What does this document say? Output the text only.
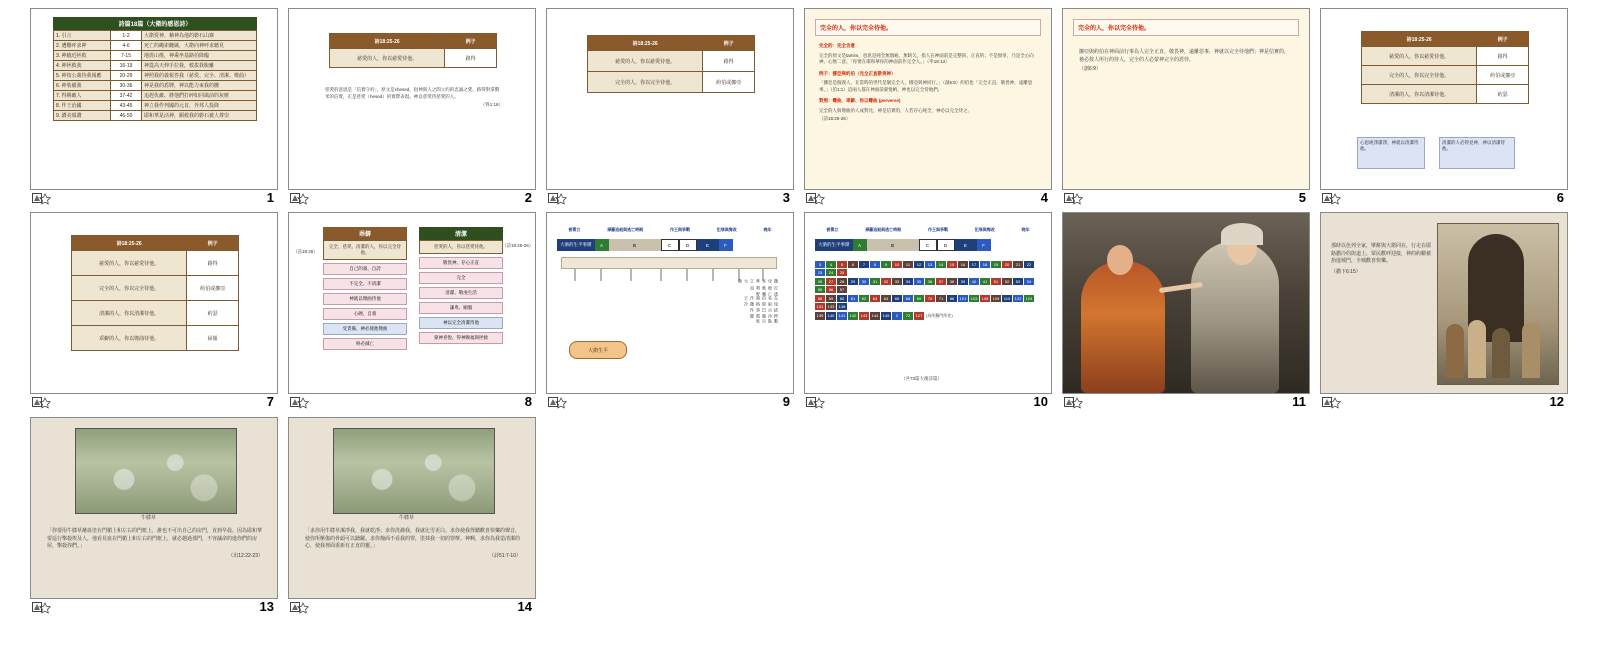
詩篇18篇（大衛的感恩詩）
1. 引言	1-2	大衛愛神、稱神為他的磐石山寨
2. 遭難呼求神	4-6	死亡的繩索纏繞，大衛向神呼求聽見
3. 神臨近拯救	7-15	地震山搖，神乘坐基路伯降臨
4. 神拯救我	16-19	神從高天伸手拉我，救拔我脫離
5. 神按公義待我報應	20-29	神照我的義報答我（慈愛、完全、清潔、彎曲）
6. 神裝備我	30-36	神是我的盾牌，神以能力束我的腰
7. 得勝敵人	37-42	追趕仇敵、將他們打碎如同風前的灰塵
8. 作王治國	43-45	神立我作列國的元首，外邦人投降
9. 讚美頌讚	46-50	耶和華是活神，願救我的磐石被人尊崇
1
詩18:25-26	例子
慈愛的人，你以慈愛待他。	路得
慈愛的意思是「信實守約」，原文是chesed，指神與人之間立約的忠誠之愛。路得對拿俄米的信實，正是慈愛（hesed）的實際表現。神以慈愛待慈愛的人。
（得1:16）
2
詩18:25-26	例子
慈愛的人，你以慈愛待他。	路得
完全的人，你以完全待他。	約伯或挪亞
3
完全的人，你以完全待他。
完全的：完全含意
完全的原文是tamim，意思是純全無瑕疵、無缺欠，指人在神面前是完整的、正直的；不是無罪，乃是全心向神，心無二意。「你要在耶和華你的神面前作完全人。」（申18:13）
例子：挪亞與約伯（完全正直敬畏神）
「挪亞是個義人，在當時的世代是個完全人，挪亞與神同行。」（創6:9）約伯也「完全正直，敬畏神，遠離惡事。」（伯1:1）這兩人都在神面前蒙悅納，神也以完全待他們。
對照：彎曲、乖僻、你以彎曲 (perverse)
完全的人與彎曲的人成對比，神是信實的，人若存心純全，神必以完全待之。
（詩18:25-26）
4
完全的人，你以完全待他。
挪亞與約伯在神面前行事為人完全正直，敬畏神，遠離惡事，神就以完全待他們；神是信實的，祂必按人所行的待人，完全的人必蒙神完全的恩待。
（創6:9）
5
詩18:25-26	例子
慈愛的人，你以慈愛待他。	路得
完全的人，你以完全待他。	約伯或挪亞
清潔的人，你以清潔待他。	約瑟
心思純淨潔淨，神就以清潔待他。
清潔的人必得見神，神以清潔待他。
6
詩18:25-26	例子
慈愛的人，你以慈愛待他。	路得
完全的人，你以完全待他。	約伯或挪亞
清潔的人，你以清潔待他。	約瑟
乖僻的人，你以彎曲待他。	掃羅
7
乖僻
完全、慈愛、清潔的人，你以完全待他。
自己的義、自誇
不完全、不清潔
神就以彎曲待他
心硬、自義
受責備、神必使他彎曲
終必滅亡
清潔
慈愛的人，你以慈愛待他。
敬畏神、存心正直
完全
清潔、敬虔生活
謙卑、順服
神以完全清潔待他
蒙神喜悅、得神賜福與拯救
（詩18:26）
（詩18:25-26）
8
被膏立	掃羅追殺與逃亡時期	作王與爭戰	犯罪與悔改	晚年
大衛的生平事蹟	A	B	C	D	E	F
撒母耳膏立大衛
打敗歌利亞
逃亡曠野
在希伯崙作王
攻取耶路撒冷
拔示巴事件
押沙龍叛變
數點百姓
大衛生平
9
被膏立	掃羅追殺與逃亡時期	作王與爭戰	犯罪與悔改	晚年
大衛的生平事蹟	A	B	C	D	E	F
3	4	5	6	7	8	9	10	11	12	13	14	15	16	17	18	19	20	21	22
23	24	25
26	27	28	29	30	31	32	33	34	35	36	37	38	39	40	41	51	52	53	54
55	56	57
58	59	60	61	62	63	64	65	68	69	70	71	86	101	103	108	109	110	122	124
131	133	138
139	140	141	142	143	144	145	2	72	127 (為所羅門所作)
（共73篇大衛詩篇）
10	11
那時以色列全家，擘餅與大衛同在，行走在耶路撒冷的街道上，眾民歡呼迎接，神的約櫃被抬進城門，全城歡喜快樂。
（撒下6:15）
12
牛膝草
「你要用牛膝草蘸血塗在門楣上和左右的門框上，誰也不可出自己的房門，直到早晨。因為耶和華要巡行擊殺埃及人，他看見血在門楣上和左右的門框上，就必越過那門，不容滅命的進你們的房屋，擊殺你們。」
（出12:22-23）
13
牛膝草
「求你用牛膝草潔淨我，我就乾淨；求你洗滌我，我就比雪更白。求你使我得聽歡喜快樂的聲音，使你所壓傷的骨頭可以踴躍。求你掩面不看我的罪，塗抹我一切的罪孽。神啊，求你為我造清潔的心，使我裡面重新有正直的靈。」
（詩51:7-10）
14
